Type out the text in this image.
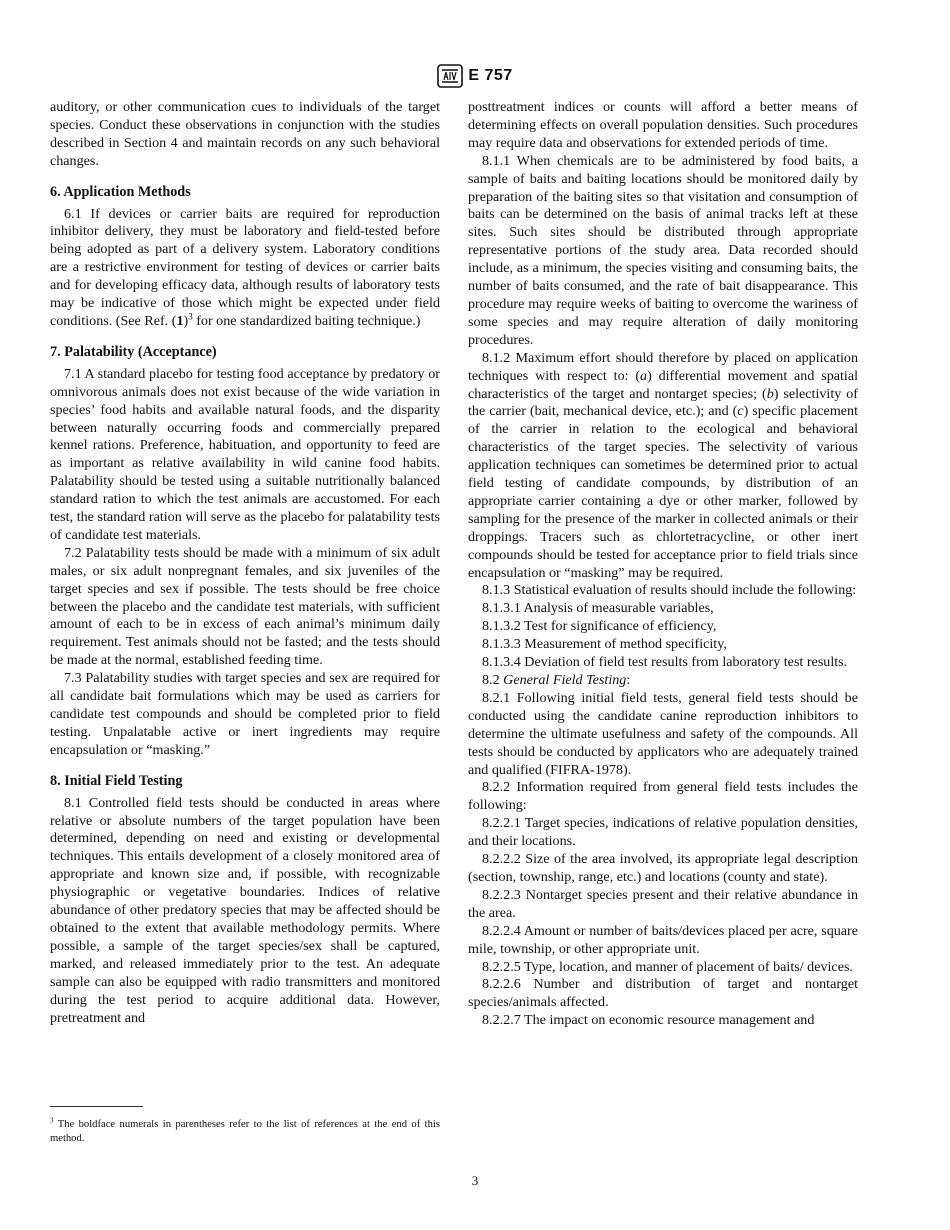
E 757

auditory, or other communication cues to individuals of the target species. Conduct these observations in conjunction with the studies described in Section 4 and maintain records on any such behavioral changes.

6. Application Methods

6.1 If devices or carrier baits are required for reproduction inhibitor delivery, they must be laboratory and field-tested before being adopted as part of a delivery system. Laboratory conditions are a restrictive environment for testing of devices or carrier baits and for developing efficacy data, although results of laboratory tests may be indicative of those which might be expected under field conditions. (See Ref. $(1)^3$ for one standardized baiting technique.)

7. Palatability (Acceptance)

7.1 A standard placebo for testing food acceptance by predatory or omnivorous animals does not exist because of the wide variation in species’ food habits and available natural foods, and the disparity between naturally occurring foods and commercially prepared kennel rations. Preference, habituation, and opportunity to feed are as important as relative availability in wild canine food habits. Palatability should be tested using a suitable nutritionally balanced standard ration to which the test animals are accustomed. For each test, the standard ration will serve as the placebo for palatability tests of candidate test materials.

7.2 Palatability tests should be made with a minimum of six adult males, or six adult nonpregnant females, and six juveniles of the target species and sex if possible. The tests should be free choice between the placebo and the candidate test materials, with sufficient amount of each to be in excess of each animal’s minimum daily requirement. Test animals should not be fasted; and the tests should be made at the normal, established feeding time.

7.3 Palatability studies with target species and sex are required for all candidate bait formulations which may be used as carriers for candidate test compounds and should be completed prior to field testing. Unpalatable active or inert ingredients may require encapsulation or “masking.”

8. Initial Field Testing

8.1 Controlled field tests should be conducted in areas where relative or absolute numbers of the target population have been determined, depending on need and existing or developmental techniques. This entails development of a closely monitored area of appropriate and known size and, if possible, with recognizable physiographic or vegetative boundaries. Indices of relative abundance of other predatory species that may be affected should be obtained to the extent that available methodology permits. Where possible, a sample of the target species/sex shall be captured, marked, and released immediately prior to the test. An adequate sample can also be equipped with radio transmitters and monitored during the test period to acquire additional data. However, pretreatment and

posttreatment indices or counts will afford a better means of determining effects on overall population densities. Such procedures may require data and observations for extended periods of time.

8.1.1 When chemicals are to be administered by food baits, a sample of baits and baiting locations should be monitored daily by preparation of the baiting sites so that visitation and consumption of baits can be determined on the basis of animal tracks left at these sites. Such sites should be distributed through appropriate representative portions of the study area. Data recorded should include, as a minimum, the species visiting and consuming baits, the number of baits consumed, and the rate of bait disappearance. This procedure may require weeks of baiting to overcome the wariness of some species and may require alteration of daily monitoring procedures.

8.1.2 Maximum effort should therefore by placed on application techniques with respect to: (a) differential movement and spatial characteristics of the target and nontarget species; (b) selectivity of the carrier (bait, mechanical device, etc.); and (c) specific placement of the carrier in relation to the ecological and behavioral characteristics of the target species. The selectivity of various application techniques can sometimes be determined prior to actual field testing of candidate compounds, by distribution of an appropriate carrier containing a dye or other marker, followed by sampling for the presence of the marker in collected animals or their droppings. Tracers such as chlortetracycline, or other inert compounds should be tested for acceptance prior to field trials since encapsulation or “masking” may be required.

8.1.3 Statistical evaluation of results should include the following:

8.1.3.1 Analysis of measurable variables,

8.1.3.2 Test for significance of efficiency,

8.1.3.3 Measurement of method specificity,

8.1.3.4 Deviation of field test results from laboratory test results.

8.2 General Field Testing:

8.2.1 Following initial field tests, general field tests should be conducted using the candidate canine reproduction inhibitors to determine the ultimate usefulness and safety of the compounds. All tests should be conducted by applicators who are adequately trained and qualified (FIFRA-1978).

8.2.2 Information required from general field tests includes the following:

8.2.2.1 Target species, indications of relative population densities, and their locations.

8.2.2.2 Size of the area involved, its appropriate legal description (section, township, range, etc.) and locations (county and state).

8.2.2.3 Nontarget species present and their relative abundance in the area.

8.2.2.4 Amount or number of baits/devices placed per acre, square mile, township, or other appropriate unit.

8.2.2.5 Type, location, and manner of placement of baits/ devices.

8.2.2.6 Number and distribution of target and nontarget species/animals affected.

8.2.2.7 The impact on economic resource management and

$^3$ The boldface numerals in parentheses refer to the list of references at the end of this method.
3
